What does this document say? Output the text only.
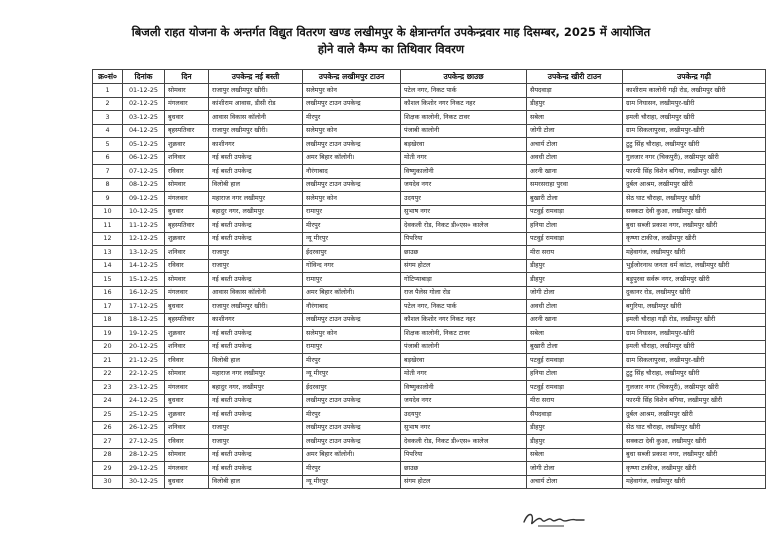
बिजली राहत योजना के अन्तर्गत विद्युत वितरण खण्ड लखीमपुर के क्षेत्रान्तर्गत उपकेन्द्रवार माह दिसम्बर, 2025 में आयोजित
होने वाले कैम्प का तिथिवार विवरण
क्र०सं०	दिनांक	दिन	उपकेन्द्र नई बस्ती	उपकेन्द्र लखीमपुर टाउन	उपकेन्द्र छाउछ	उपकेन्द्र खीरी टाउन	उपकेन्द्र गढ़ी
1	01-12-25	सोमवार	राजापुर लखीमपुर खीरी।	सलेमपुर कोन	पटेल नगर, निकट पार्क	सैयदवाड़ा	काशीराम कालोनी गढ़ी रोड, लखीमपुर खीरी
2	02-12-25	मंगलवार	कांशीराम आवास, डीसी रोड	लखीमपुर टाउन उपकेन्द्र	कौशल किशोर नगर निकट नहर	डीहपुर	ग्राम निघासन, लखीमपुर-खीरी
3	03-12-25	बुधवार	आवास विकास कॉलोनी	मीरपुर	शिक्षक कालोनी, निकट टावर	सबेला	इमली चौराहा, लखीमपुर खीरी
4	04-12-25	बृहस्पतिवार	राजापुर लखीमपुर खीरी।	सलेमपुर कोन	पंजाबी कालोनी	जोगी टोला	ग्राम सिकलापुरवा, लखीमपुर-खीरी
5	05-12-25	शुक्रवार	काशीनगर	लखीमपुर टाउन उपकेन्द्र	बड़खेरवा	अचार्य टोला	टुटु सिंह चौराहा, लखीमपुर खीरी
6	06-12-25	शनिवार	नई बस्ती उपकेन्द्र	अमर बिहार कॉलोनी।	मोती नगर	अवधी टोला	गुलजार नगर (चिकपुरी), लखीमपुर खीरी
7	07-12-25	रविवार	नई बस्ती उपकेन्द्र	नौरंगाबाद	विष्णुकालोनी	अरनी खाना	फारमी सिंह विशेन बगिया, लखीमपुर खीरी
8	08-12-25	सोमवार	विलोबी हाल	लखीमपुर टाउन उपकेन्द्र	जयदेव नगर	समरसराहा पुरवा	दुर्बल आश्रम, लखीमपुर खीरी
9	09-12-25	मंगलवार	महाराज नगर लखीमपुर	सलेमपुर कोन	उदयपुर	बुखारी टोला	सेठ घाट चौराहा, लखीमपुर खीरी
10	10-12-25	बुधवार	बहादुर नगर, लखीमपुर	रामापुर	सुभाष नगर	पटवुई रामवाड़ा	सक्कटा देवी कुआ, लखीमपुर खीरी
11	11-12-25	बृहस्पतिवार	नई बस्ती उपकेन्द्र	मीरपुर	देवकली रोड, निकट डी०एस० कालेज	हनिया टोला	बुधा सब्जी प्रकाश नगर, लखीमपुर खीरी
12	12-12-25	शुक्रवार	नई बस्ती उपकेन्द्र	न्यू मीरपुर	पिपरिया	पटवुई रामवाड़ा	कृष्णा टाकीज, लखीमपुर खीरी
13	13-12-25	शनिवार	राजापुर	ईदरवापुर	छाउछ	मीरा सराय	महेवागंज, लखीमपुर खीरी
14	14-12-25	रविवार	राजापुर	गोविन्द नगर	संगम होटल	डीहपुर	भुईंजोरनाथ जनता धर्म कांटा, लखीमपुर खीरी
15	15-12-25	सोमवार	नई बस्ती उपकेन्द्र	रामापुर	गोटिप्याबाड़ा	डीहपुर	बड़ूपुरवा सर्वरू नगर, लखीमपुर खीरी
16	16-12-25	मंगलवार	आवास विकास कॉलोनी	अमर बिहार कॉलोनी।	राज पैलेस गोला रोड	जोगी टोला	दुकानर रोड, लखीमपुर खीरी
17	17-12-25	बुधवार	राजापुर लखीमपुर खीरी।	नौरंगाबाद	पटेल नगर, निकट पार्क	अवधी टोला	बगुरिया, लखीमपुर खीरी
18	18-12-25	बृहस्पतिवार	काशीनगर	लखीमपुर टाउन उपकेन्द्र	कौशल किशोर नगर निकट नहर	अरनी खाना	इमली चौराहा गढ़ी रोड, लखीमपुर खीरी
19	19-12-25	शुक्रवार	नई बस्ती उपकेन्द्र	सलेमपुर कोन	शिक्षक कालोनी, निकट टावर	सबेला	ग्राम निघासन, लखीमपुर-खीरी
20	20-12-25	शनिवार	नई बस्ती उपकेन्द्र	रामापुर	पंजाबी कालोनी	बुखारी टोला	इमली चौराहा, लखीमपुर खीरी
21	21-12-25	रविवार	विलोबी हाल	मीरपुर	बड़खेरवा	पटवुई रामवाड़ा	ग्राम सिकलापुरवा, लखीमपुर-खीरी
22	22-12-25	सोमवार	महाराज नगर लखीमपुर	न्यू मीरपुर	मोती नगर	हनिया टोला	टुटु सिंह चौराहा, लखीमपुर खीरी
23	23-12-25	मंगलवार	बहादुर नगर, लखीमपुर	ईदरवापुर	विष्णुकालोनी	पटवुई रामवाड़ा	गुलजार नगर (चिकपुरी), लखीमपुर खीरी
24	24-12-25	बुधवार	नई बस्ती उपकेन्द्र	लखीमपुर टाउन उपकेन्द्र	जयदेव नगर	मीरा सराय	फारमी सिंह विशेन बगिया, लखीमपुर खीरी
25	25-12-25	शुक्रवार	नई बस्ती उपकेन्द्र	मीरपुर	उदयपुर	सैयदवाड़ा	दुर्बल आश्रम, लखीमपुर खीरी
26	26-12-25	शनिवार	राजापुर	लखीमपुर टाउन उपकेन्द्र	सुभाष नगर	डीहपुर	सेठ घाट चौराहा, लखीमपुर खीरी
27	27-12-25	रविवार	राजापुर	लखीमपुर टाउन उपकेन्द्र	देवकली रोड, निकट डी०एस० कालेज	डीहपुर	सक्कटा देवी कुआ, लखीमपुर खीरी
28	28-12-25	सोमवार	नई बस्ती उपकेन्द्र	अमर बिहार कॉलोनी।	पिपरिया	सबेला	बुधा सब्जी प्रकाश नगर, लखीमपुर खीरी
29	29-12-25	मंगलवार	नई बस्ती उपकेन्द्र	मीरपुर	छाउछ	जोगी टोला	कृष्णा टाकीज, लखीमपुर खीरी
30	30-12-25	बुधवार	विलोबी हाल	न्यू मीरपुर	संगम होटल	अचार्य टोला	महेवागंज, लखीमपुर खीरी
